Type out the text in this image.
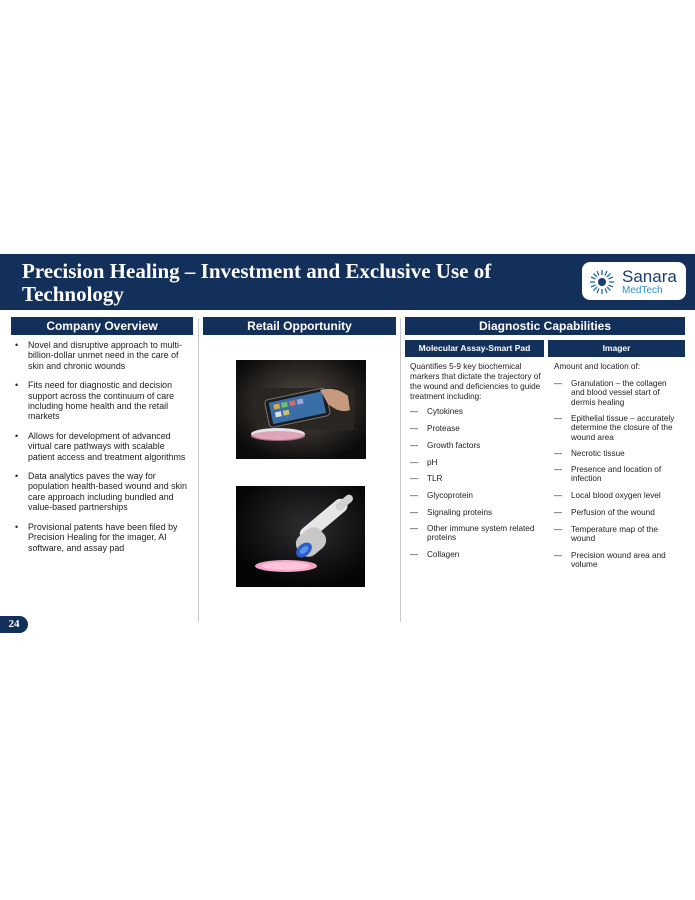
Precision Healing – Investment and Exclusive Use of Technology
Sanara
MedTech
Company Overview	Retail Opportunity	Diagnostic Capabilities
• Novel and disruptive approach to multi-billion-dollar unmet need in the care of skin and chronic wounds
• Fits need for diagnostic and decision support across the continuum of care including home health and the retail markets
• Allows for development of advanced virtual care pathways with scalable patient access and treatment algorithms
• Data analytics paves the way for population health-based wound and skin care approach including bundled and value-based partnerships
• Provisional patents have been filed by Precision Healing for the imager, AI software, and assay pad
Molecular Assay-Smart Pad	Imager
Quantifies 5-9 key biochemical markers that dictate the trajectory of the wound and deficiencies to guide treatment including:
— Cytokines
— Protease
— Growth factors
— pH
— TLR
— Glycoprotein
— Signaling proteins
— Other immune system related proteins
— Collagen
Amount and location of:
— Granulation – the collagen and blood vessel start of dermis healing
— Epithelial tissue – accurately determine the closure of the wound area
— Necrotic tissue
— Presence and location of infection
— Local blood oxygen level
— Perfusion of the wound
— Temperature map of the wound
— Precision wound area and volume
24
